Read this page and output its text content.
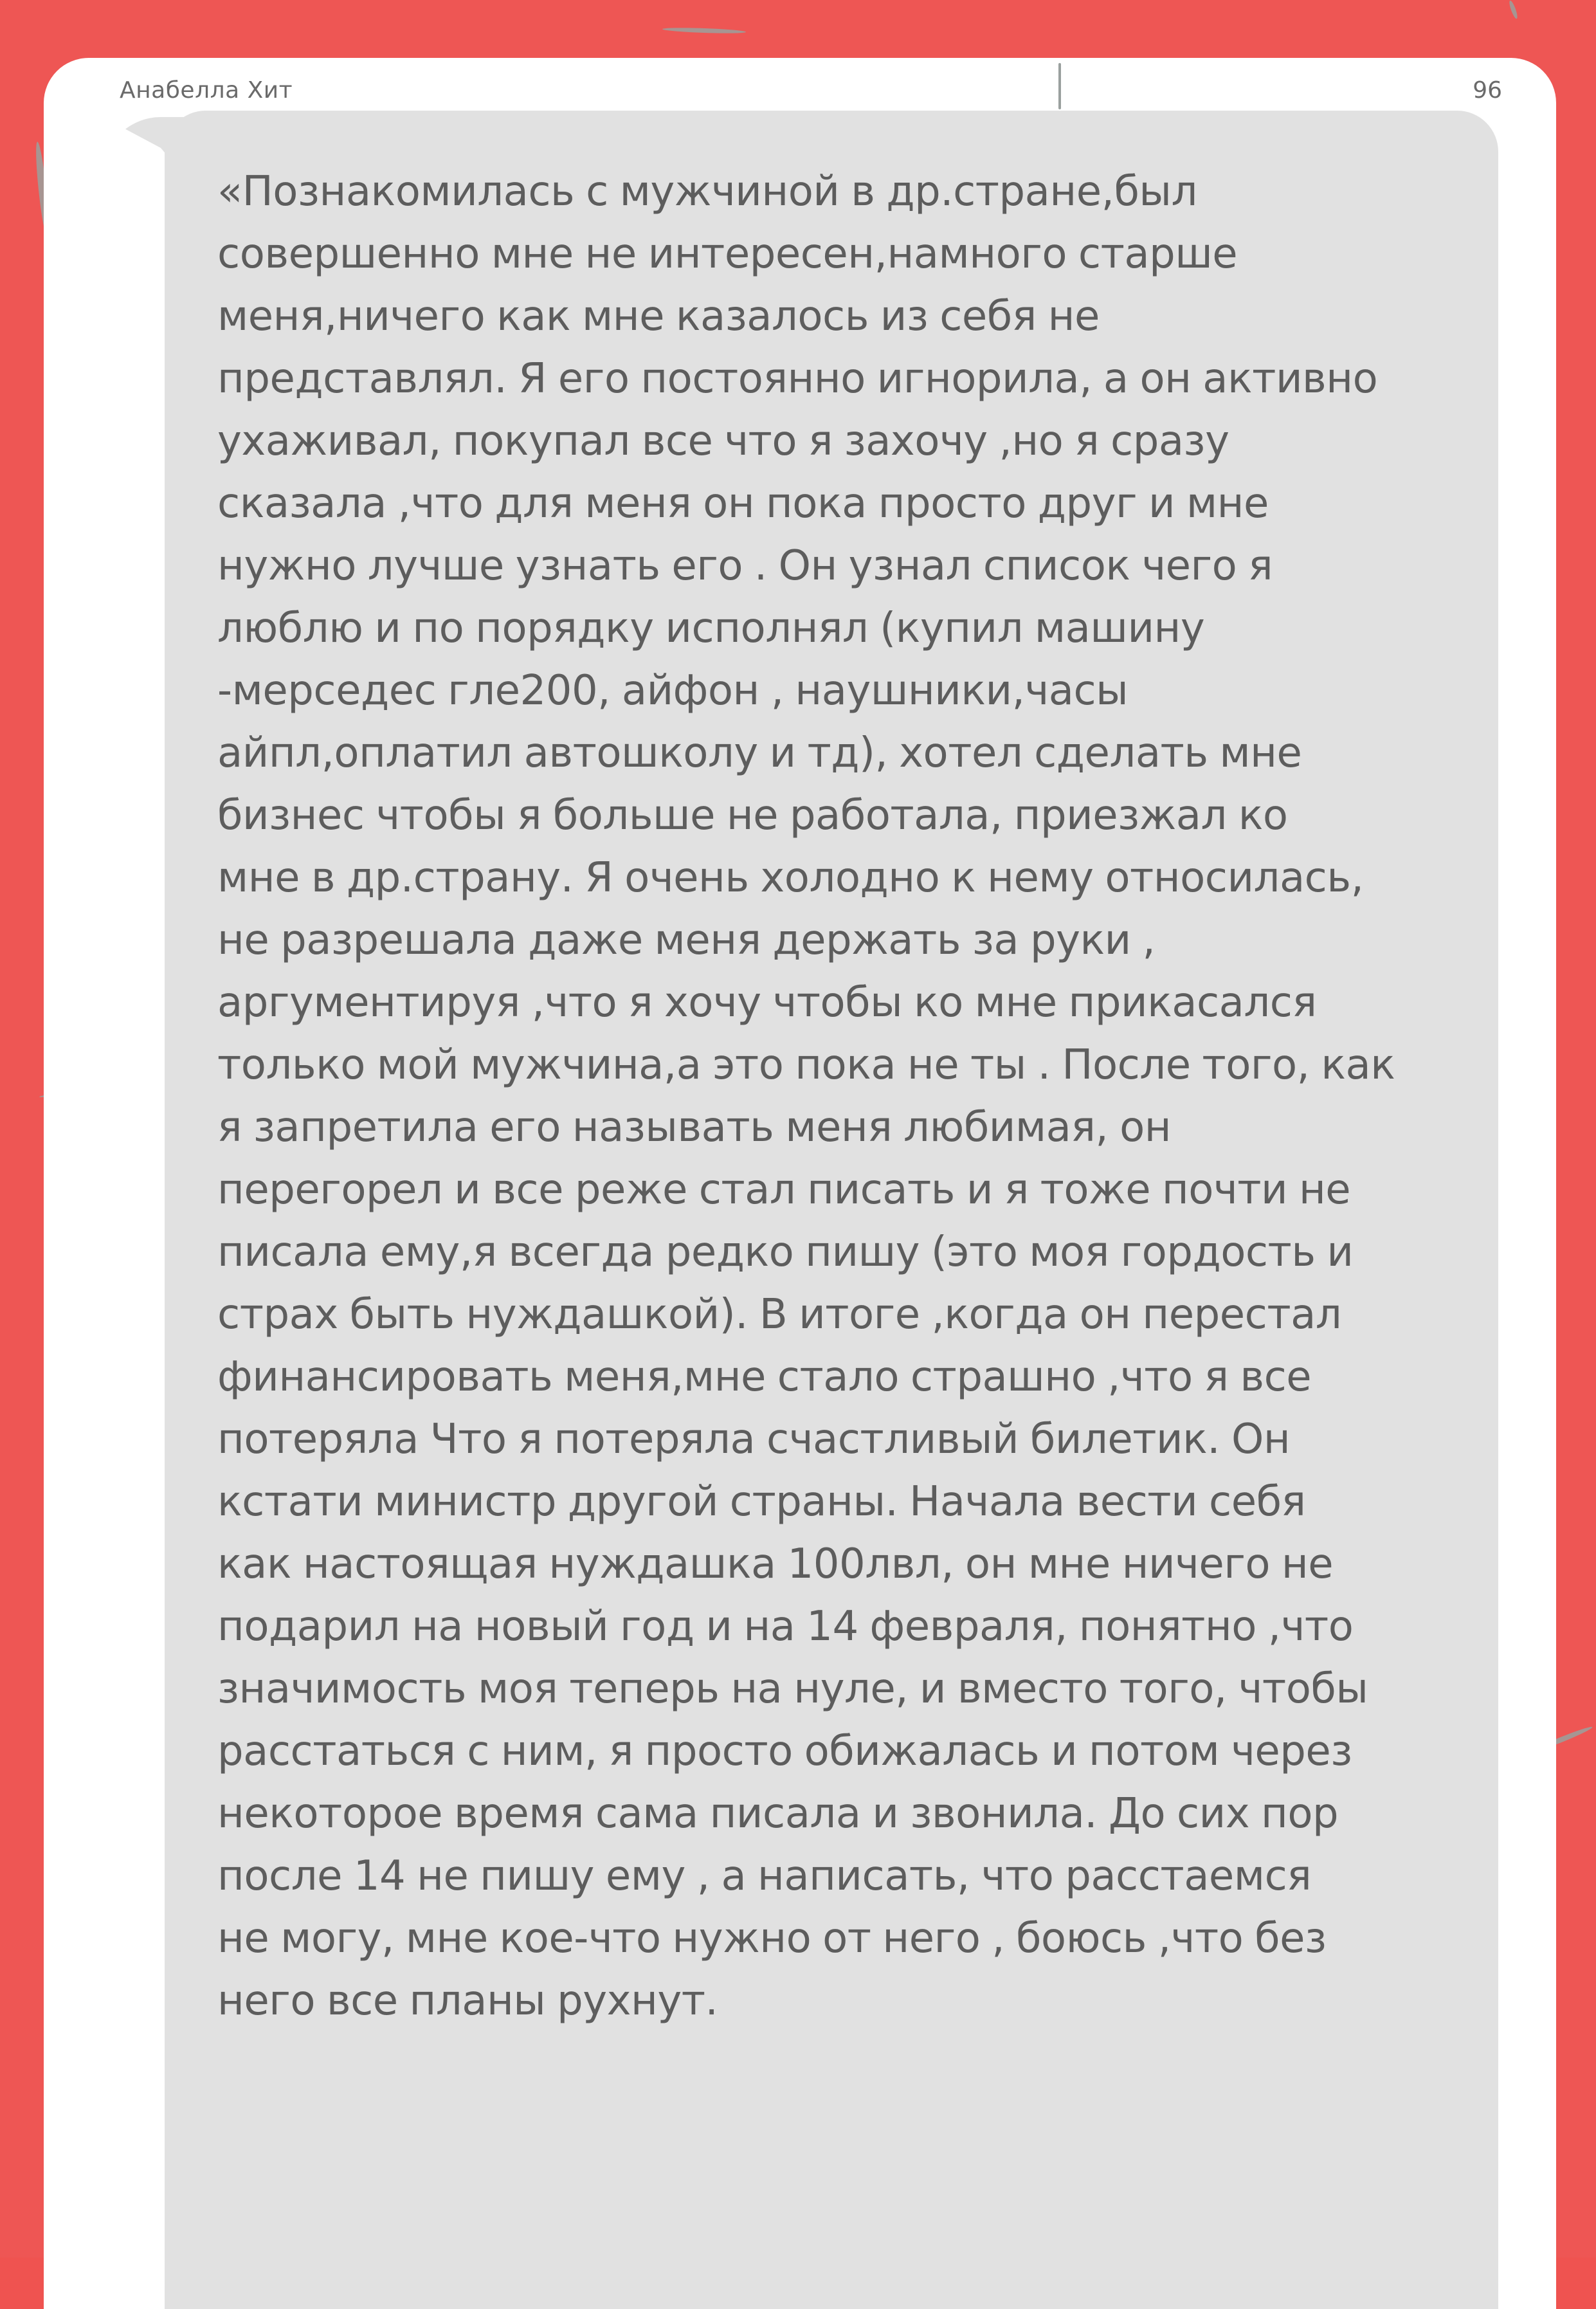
Анабелла Хит	96

«Познакомилась с мужчиной в др.стране,был
совершенно мне не интересен,намного старше
меня,ничего как мне казалось из себя не
представлял. Я его постоянно игнорила, а он активно
ухаживал, покупал все что я захочу ,но я сразу
сказала ,что для меня он пока просто друг и мне
нужно лучше узнать его . Он узнал список чего я
люблю и по порядку исполнял (купил машину
-мерседес гле200, айфон , наушники,часы
айпл,оплатил автошколу и тд), хотел сделать мне
бизнес чтобы я больше не работала, приезжал ко
мне в др.страну. Я очень холодно к нему относилась,
не разрешала даже меня держать за руки ,
аргументируя ,что я хочу чтобы ко мне прикасался
только мой мужчина,а это пока не ты . После того, как
я запретила его называть меня любимая, он
перегорел и все реже стал писать и я тоже почти не
писала ему,я всегда редко пишу (это моя гордость и
страх быть нуждашкой). В итоге ,когда он перестал
финансировать меня,мне стало страшно ,что я все
потеряла Что я потеряла счастливый билетик. Он
кстати министр другой страны. Начала вести себя
как настоящая нуждашка 100лвл, он мне ничего не
подарил на новый год и на 14 февраля, понятно ,что
значимость моя теперь на нуле, и вместо того, чтобы
расстаться с ним, я просто обижалась и потом через
некоторое время сама писала и звонила. До сих пор
после 14 не пишу ему , а написать, что расстаемся
не могу, мне кое-что нужно от него , боюсь ,что без
него все планы рухнут.
